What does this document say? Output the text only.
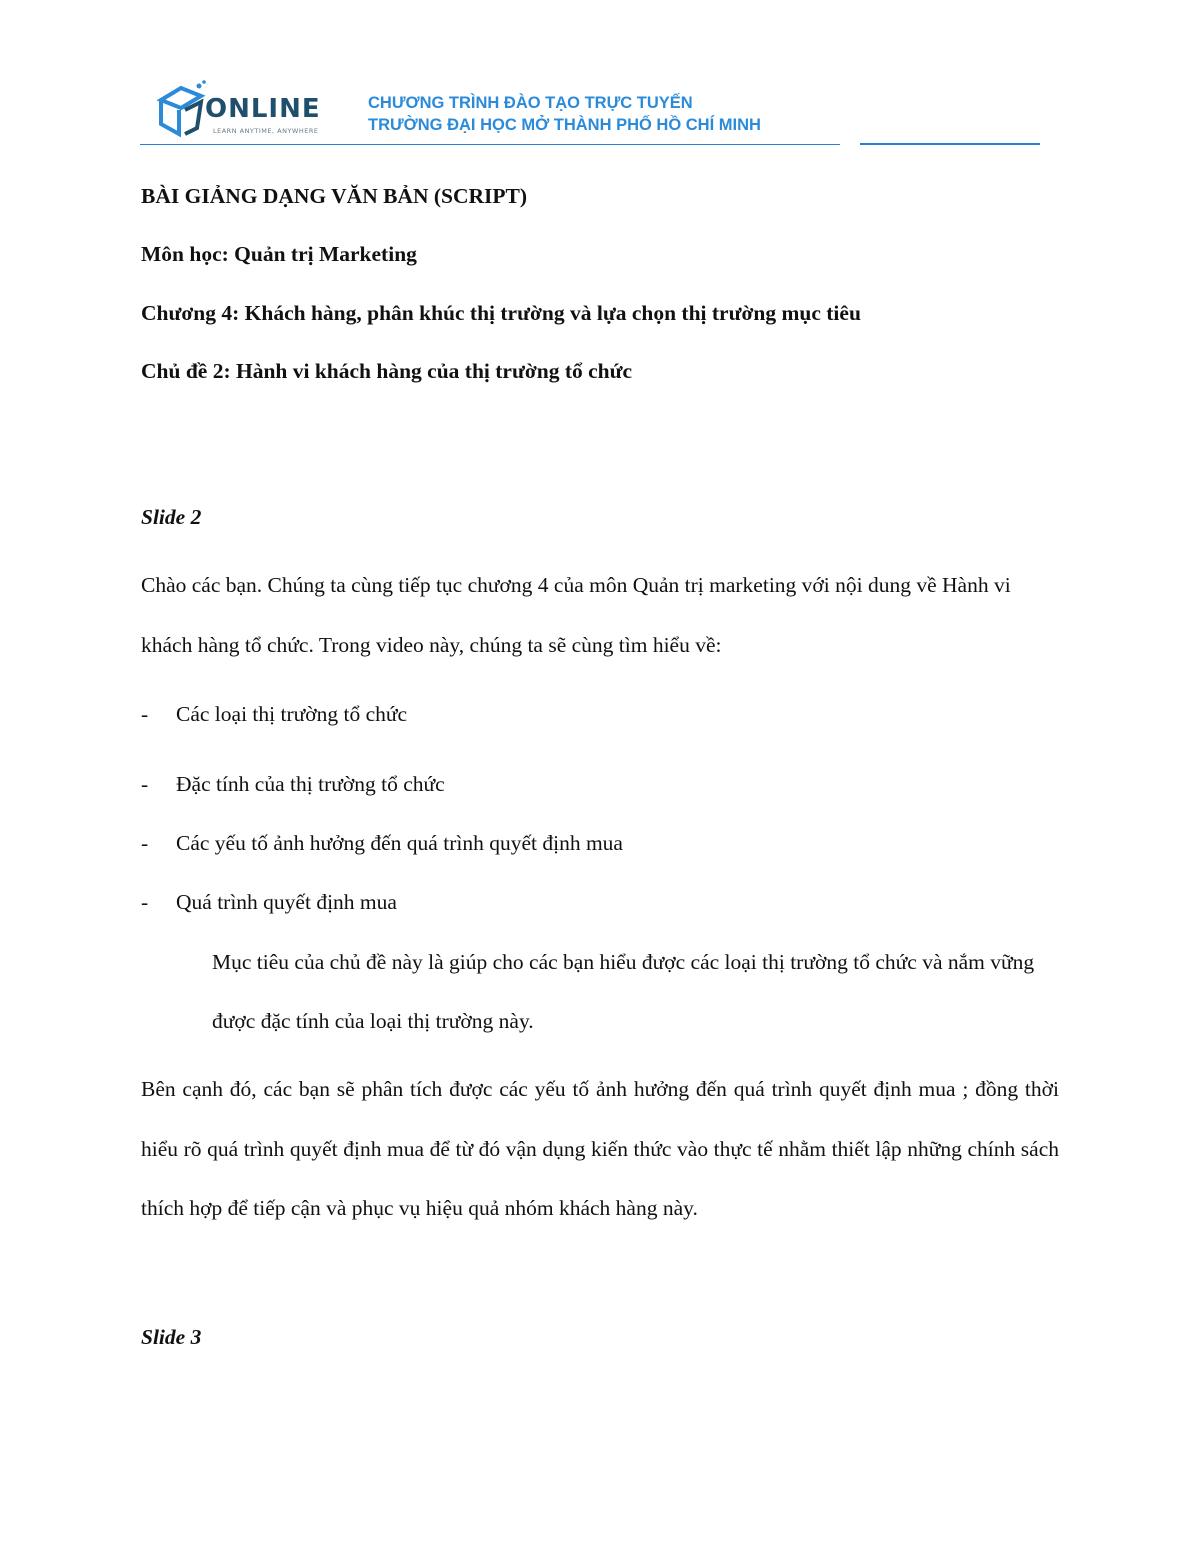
ONLINE
LEARN ANYTIME, ANYWHERE
CHƯƠNG TRÌNH ĐÀO TẠO TRỰC TUYẾN
TRƯỜNG ĐẠI HỌC MỞ THÀNH PHỐ HỒ CHÍ MINH
BÀI GIẢNG DẠNG VĂN BẢN (SCRIPT)
Môn học: Quản trị Marketing
Chương 4: Khách hàng, phân khúc thị trường và lựa chọn thị trường mục tiêu
Chủ đề 2: Hành vi khách hàng của thị trường tổ chức
Slide 2

Chào các bạn. Chúng ta cùng tiếp tục chương 4 của môn Quản trị marketing với nội dung về Hành vi khách hàng tổ chức. Trong video này, chúng ta sẽ cùng tìm hiểu về:

- Các loại thị trường tổ chức
- Đặc tính của thị trường tổ chức
- Các yếu tố ảnh hưởng đến quá trình quyết định mua
- Quá trình quyết định mua

Mục tiêu của chủ đề này là giúp cho các bạn hiểu được các loại thị trường tổ chức và nắm vững được đặc tính của loại thị trường này.

Bên cạnh đó, các bạn sẽ phân tích được các yếu tố ảnh hưởng đến quá trình quyết định mua ; đồng thời hiểu rõ quá trình quyết định mua để từ đó vận dụng kiến thức vào thực tế nhằm thiết lập những chính sách thích hợp để tiếp cận và phục vụ hiệu quả nhóm khách hàng này.

Slide 3
